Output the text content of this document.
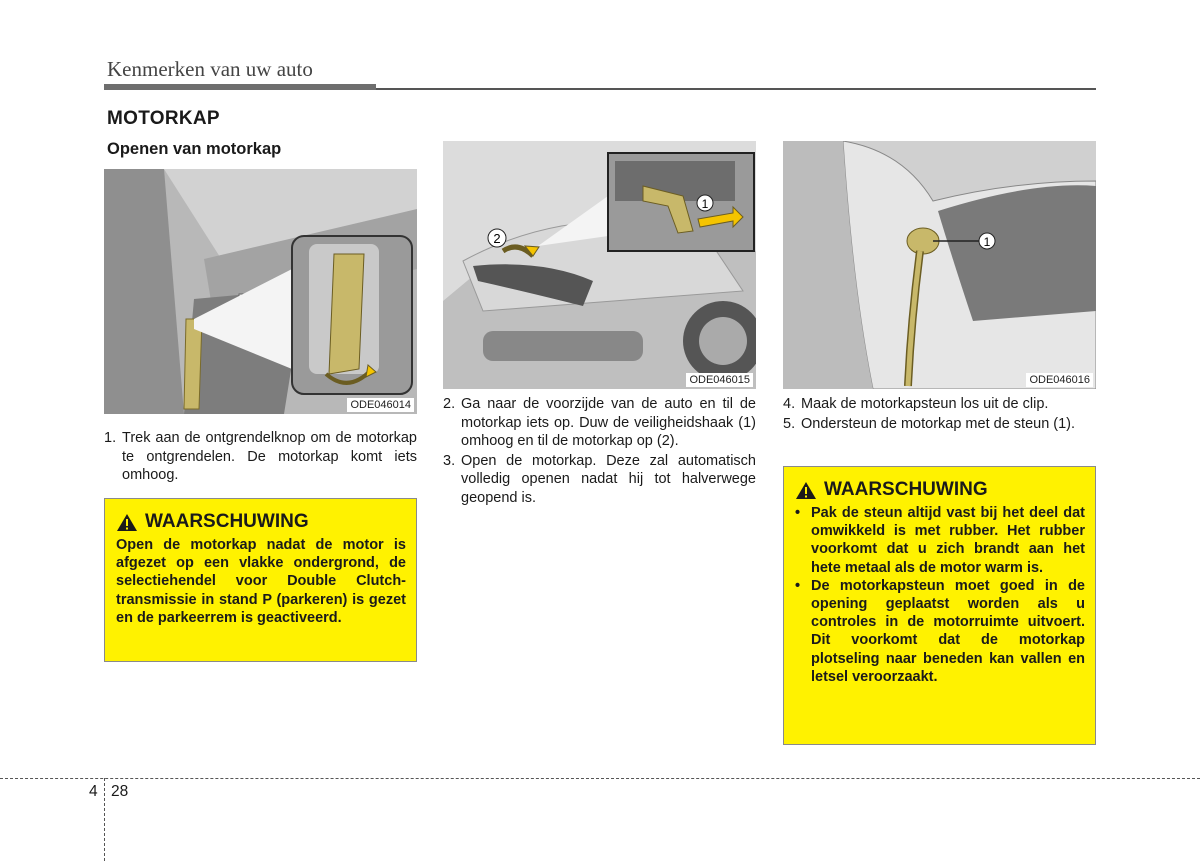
Kenmerken van uw auto
MOTORKAP
Openen van motorkap
ODE046014
2
1
ODE046015
1
ODE046016
1. Trek aan de ontgrendelknop om de motorkap te ontgrendelen. De motorkap komt iets omhoog.
2. Ga naar de voorzijde van de auto en til de motorkap iets op. Duw de veiligheidshaak (1) omhoog en til de motorkap op (2).
3. Open de motorkap. Deze zal automatisch volledig openen nadat hij tot halverwege geopend is.
4. Maak de motorkapsteun los uit de clip.
5. Ondersteun de motorkap met de steun (1).
WAARSCHUWING
Open de motorkap nadat de motor is afgezet op een vlakke ondergrond, de selectiehendel voor Double Clutch-transmissie in stand P (parkeren) is gezet en de parkeerrem is geactiveerd.
WAARSCHUWING
• Pak de steun altijd vast bij het deel dat omwikkeld is met rubber. Het rubber voorkomt dat u zich brandt aan het hete metaal als de motor warm is.
• De motorkapsteun moet goed in de opening geplaatst worden als u controles in de motorruimte uitvoert. Dit voorkomt dat de motorkap plotseling naar beneden kan vallen en letsel veroorzaakt.
4 28
